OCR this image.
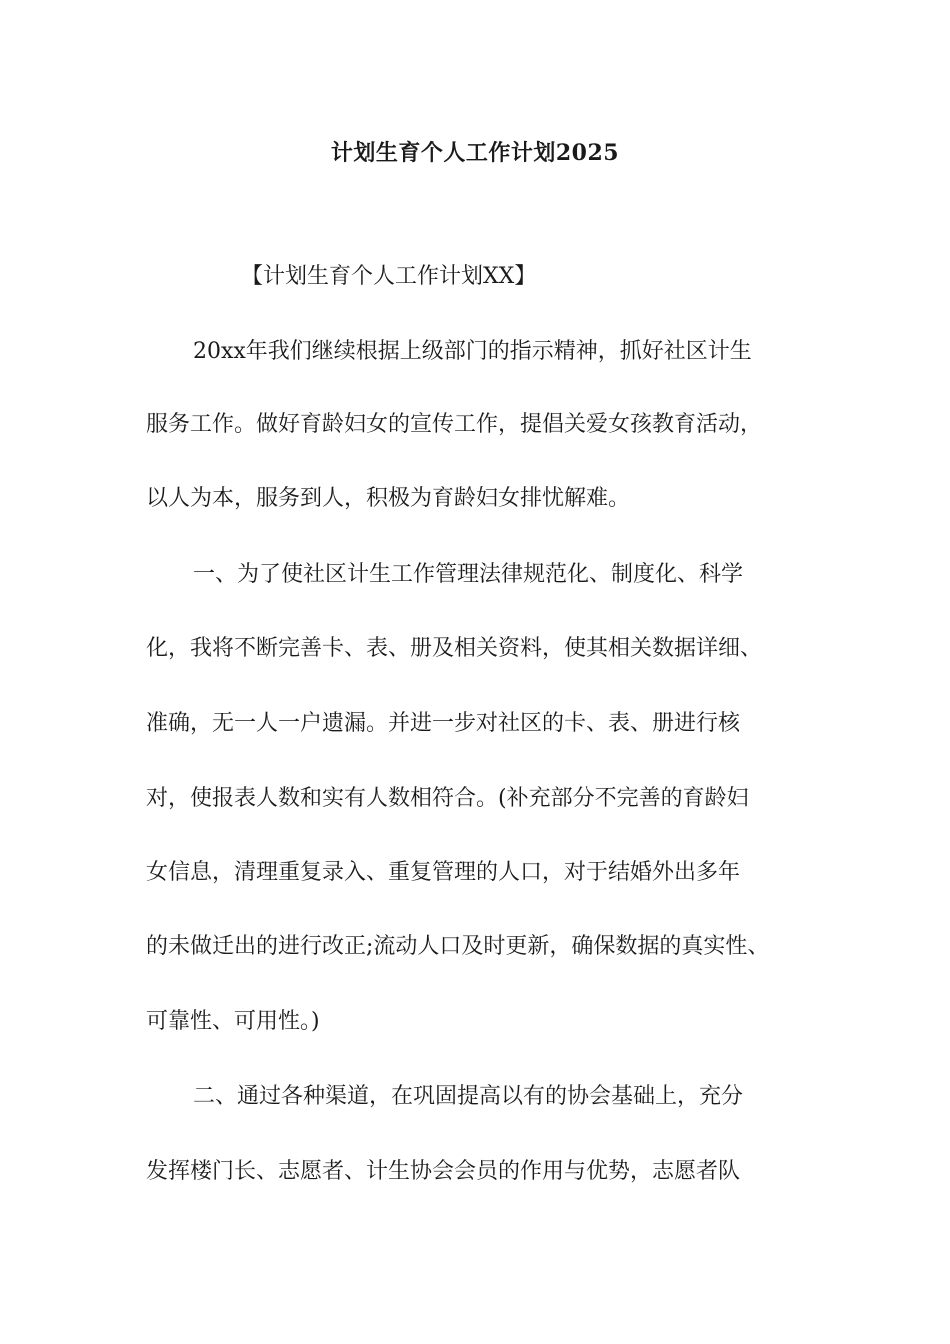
计划生育个人工作计划2025

【计划生育个人工作计划XX】

20xx年我们继续根据上级部门的指示精神，抓好社区计生

服务工作。做好育龄妇女的宣传工作，提倡关爱女孩教育活动，

以人为本，服务到人，积极为育龄妇女排忧解难。

一、为了使社区计生工作管理法律规范化、制度化、科学

化，我将不断完善卡、表、册及相关资料，使其相关数据详细、

准确，无一人一户遗漏。并进一步对社区的卡、表、册进行核

对，使报表人数和实有人数相符合。(补充部分不完善的育龄妇

女信息，清理重复录入、重复管理的人口，对于结婚外出多年

的未做迁出的进行改正;流动人口及时更新，确保数据的真实性、

可靠性、可用性。)

二、通过各种渠道，在巩固提高以有的协会基础上，充分

发挥楼门长、志愿者、计生协会会员的作用与优势，志愿者队
